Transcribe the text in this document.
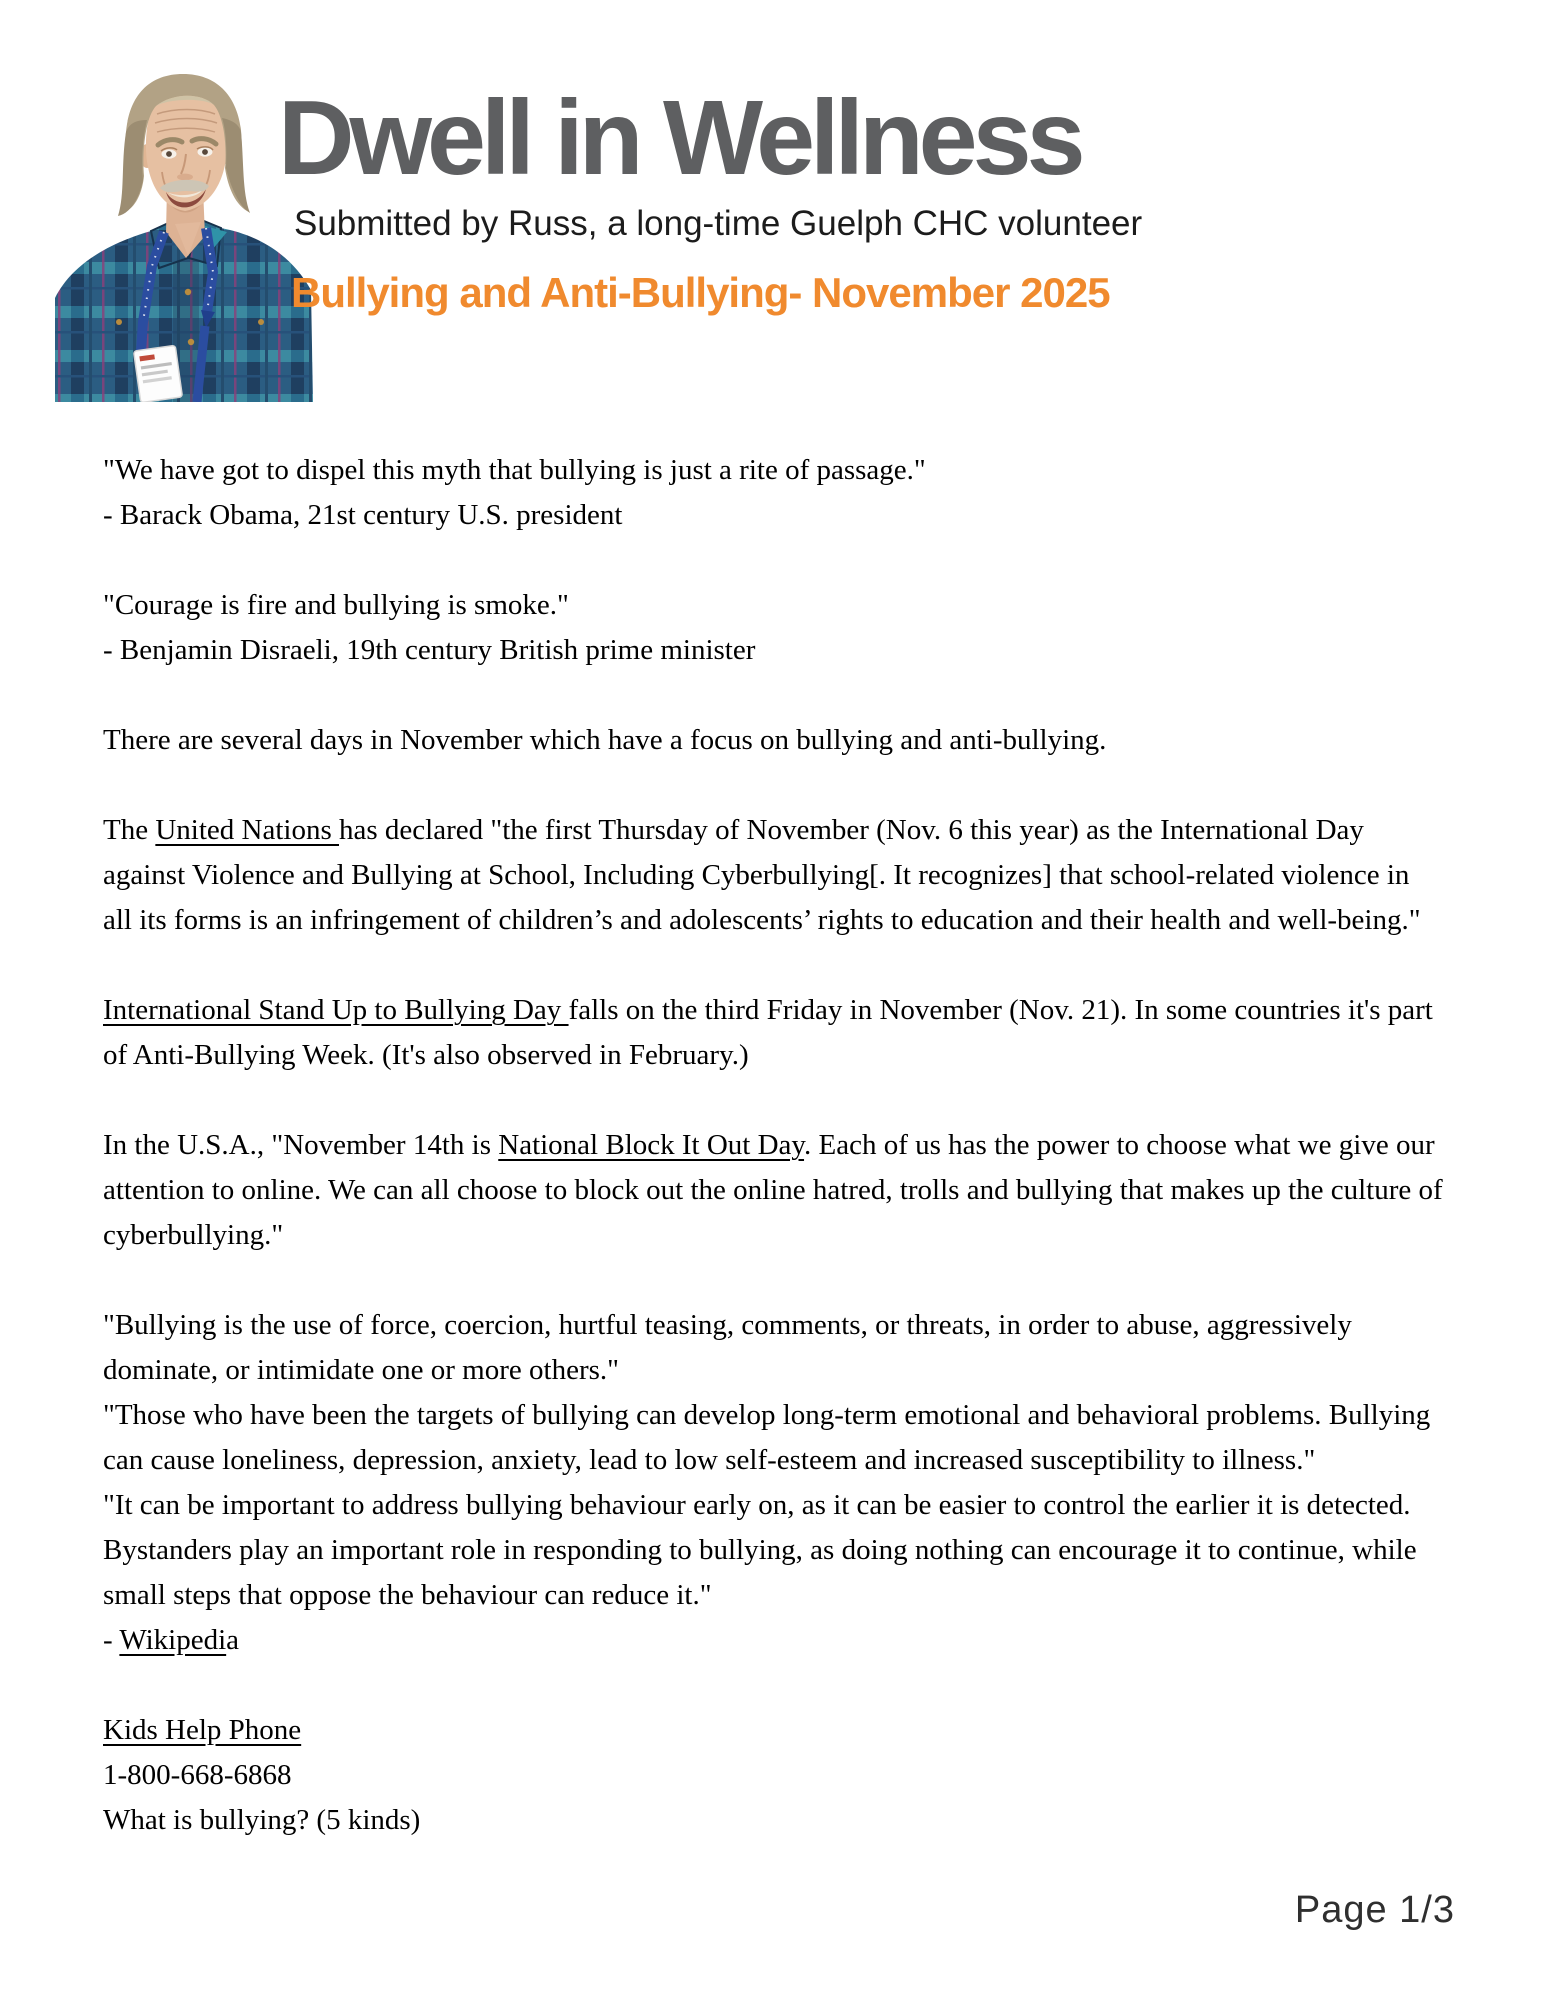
Dwell in Wellness
Submitted by Russ, a long-time Guelph CHC volunteer
Bullying and Anti-Bullying- November 2025

"We have got to dispel this myth that bullying is just a rite of passage."

- Barack Obama, 21st century U.S. president

"Courage is fire and bullying is smoke."

- Benjamin Disraeli, 19th century British prime minister

There are several days in November which have a focus on bullying and anti-bullying.

The United Nations has declared "the first Thursday of November (Nov. 6 this year) as the International Day against Violence and Bullying at School, Including Cyberbullying[. It recognizes] that school-related violence in all its forms is an infringement of children’s and adolescents’ rights to education and their health and well-being."

International Stand Up to Bullying Day falls on the third Friday in November (Nov. 21). In some countries it's part of Anti-Bullying Week. (It's also observed in February.)

In the U.S.A., "November 14th is National Block It Out Day. Each of us has the power to choose what we give our attention to online. We can all choose to block out the online hatred, trolls and bullying that makes up the culture of cyberbullying."

"Bullying is the use of force, coercion, hurtful teasing, comments, or threats, in order to abuse, aggressively dominate, or intimidate one or more others."

"Those who have been the targets of bullying can develop long-term emotional and behavioral problems. Bullying can cause loneliness, depression, anxiety, lead to low self-esteem and increased susceptibility to illness."

"It can be important to address bullying behaviour early on, as it can be easier to control the earlier it is detected. Bystanders play an important role in responding to bullying, as doing nothing can encourage it to continue, while small steps that oppose the behaviour can reduce it."

- Wikipedia

Kids Help Phone

1-800-668-6868

What is bullying? (5 kinds)

Page 1/3
